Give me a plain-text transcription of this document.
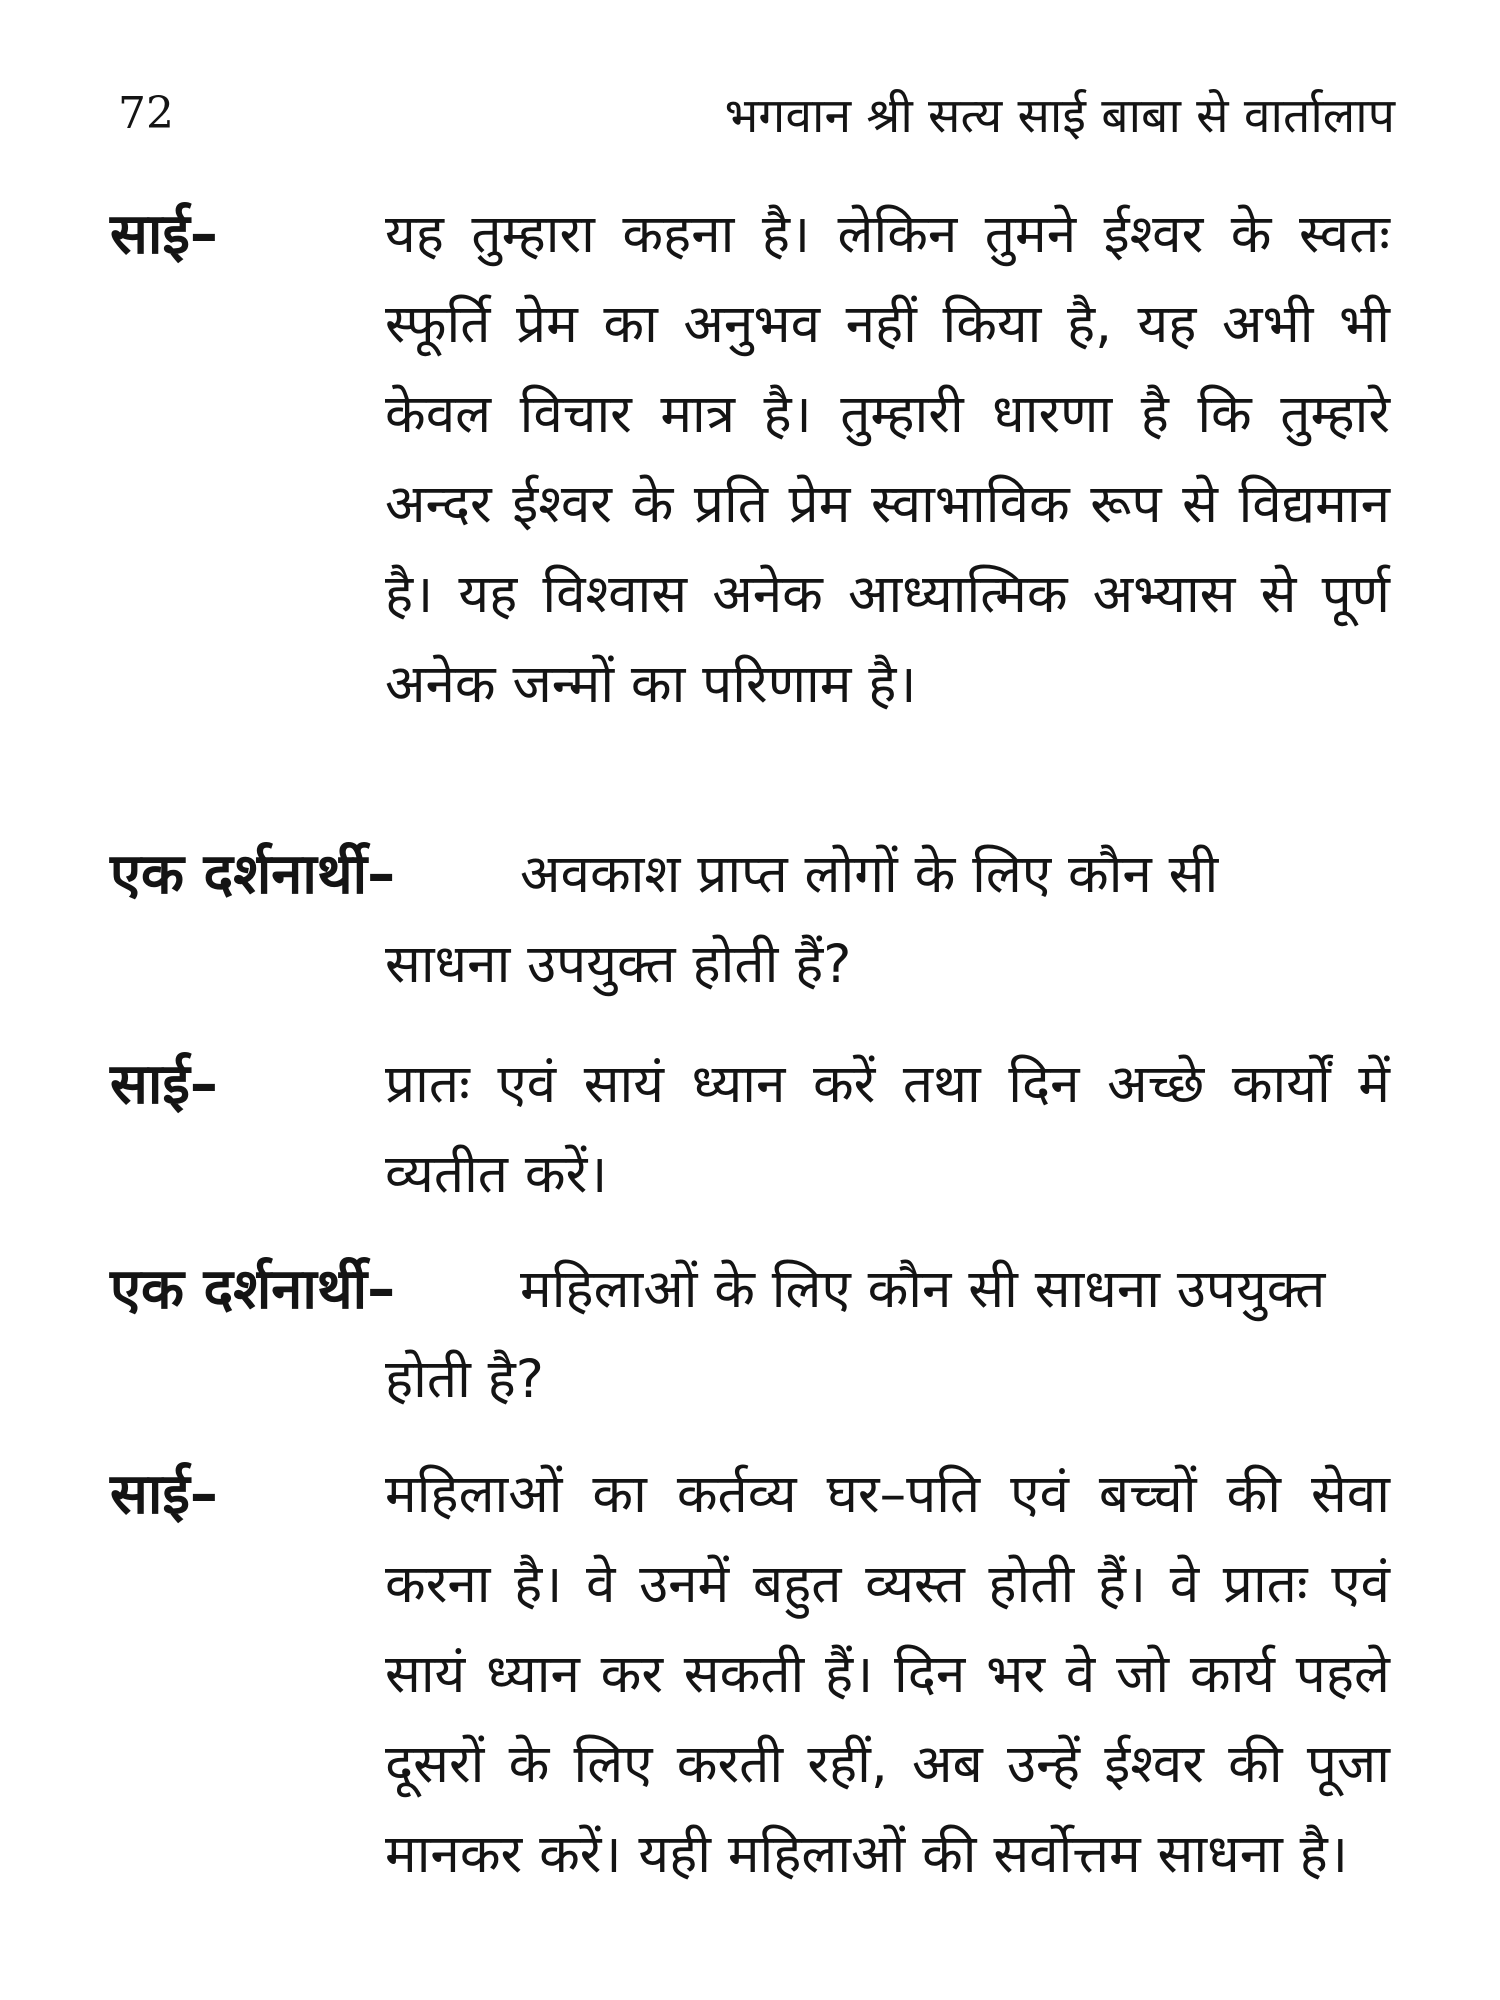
72	भगवान श्री सत्य साई बाबा से वार्तालाप
साई–	यह तुम्हारा कहना है। लेकिन तुमने ईश्वर के स्वतः स्फूर्ति प्रेम का अनुभव नहीं किया है, यह अभी भी केवल विचार मात्र है। तुम्हारी धारणा है कि तुम्हारे अन्दर ईश्वर के प्रति प्रेम स्वाभाविक रूप से विद्यमान है। यह विश्वास अनेक आध्यात्मिक अभ्यास से पूर्ण अनेक जन्मों का परिणाम है।
एक दर्शनार्थी– अवकाश प्राप्त लोगों के लिए कौन सी
साधना उपयुक्त होती हैं?
साई–	प्रातः एवं सायं ध्यान करें तथा दिन अच्छे कार्यों में व्यतीत करें।
एक दर्शनार्थी– महिलाओं के लिए कौन सी साधना उपयुक्त
होती है?
साई–	महिलाओं का कर्तव्य घर–पति एवं बच्चों की सेवा करना है। वे उनमें बहुत व्यस्त होती हैं। वे प्रातः एवं सायं ध्यान कर सकती हैं। दिन भर वे जो कार्य पहले दूसरों के लिए करती रहीं, अब उन्हें ईश्वर की पूजा मानकर करें। यही महिलाओं की सर्वोत्तम साधना है।
